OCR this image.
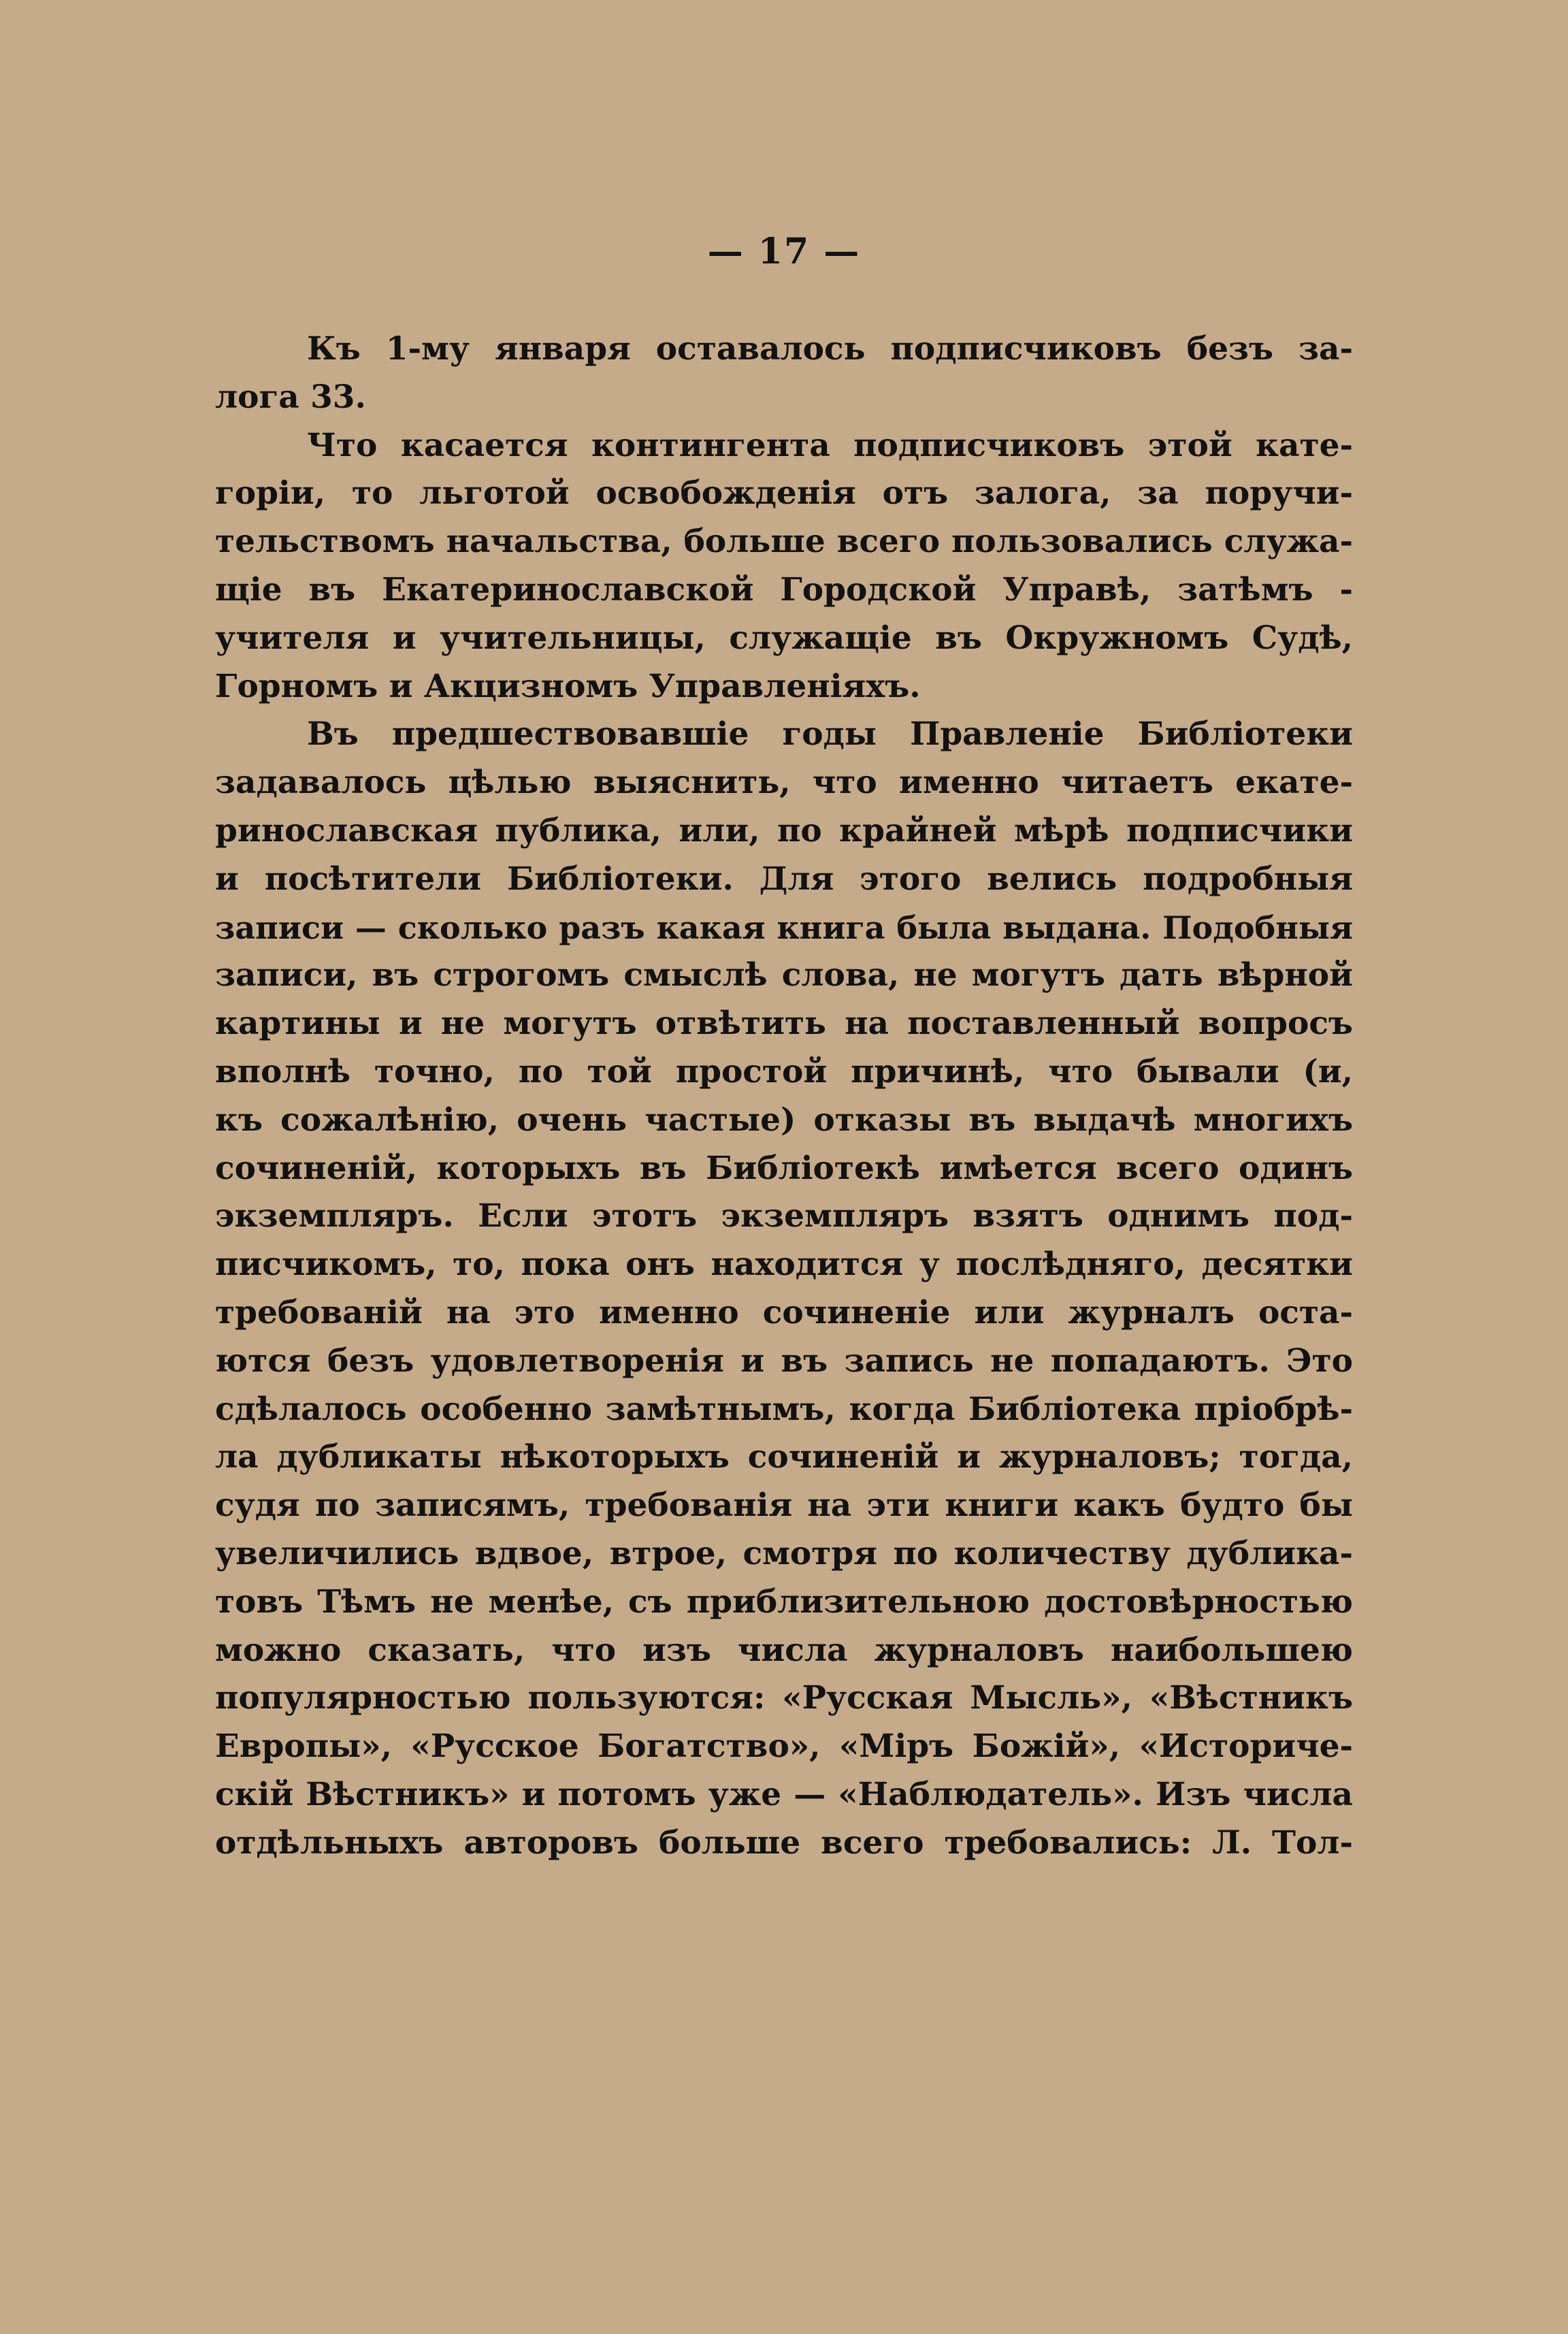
— 17 —
Къ 1-му января оставалось подписчиковъ безъ за-
лога 33.
Что касается контингента подписчиковъ этой кате-
горіи, то льготой освобожденія отъ залога, за поручи-
тельствомъ начальства, больше всего пользовались служа-
щіе въ Екатеринославской Городской Управѣ, затѣмъ -
учителя и учительницы, служащіе въ Окружномъ Судѣ,
Горномъ и Акцизномъ Управленіяхъ.
Въ предшествовавшіе годы Правленіе Библіотеки
задавалось цѣлью выяснить, что именно читаетъ екате-
ринославская публика, или, по крайней мѣрѣ подписчики
и посѣтители Библіотеки. Для этого велись подробныя
записи — сколько разъ какая книга была выдана. Подобныя
записи, въ строгомъ смыслѣ слова, не могутъ дать вѣрной
картины и не могутъ отвѣтить на поставленный вопросъ
вполнѣ точно, по той простой причинѣ, что бывали (и,
къ сожалѣнію, очень частые) отказы въ выдачѣ многихъ
сочиненій, которыхъ въ Библіотекѣ имѣется всего одинъ
экземпляръ. Если этотъ экземпляръ взятъ однимъ под-
писчикомъ, то, пока онъ находится у послѣдняго, десятки
требованій на это именно сочиненіе или журналъ оста-
ются безъ удовлетворенія и въ запись не попадаютъ. Это
сдѣлалось особенно замѣтнымъ, когда Библіотека пріобрѣ-
ла дубликаты нѣкоторыхъ сочиненій и журналовъ; тогда,
судя по записямъ, требованія на эти книги какъ будто бы
увеличились вдвое, втрое, смотря по количеству дублика-
товъ Тѣмъ не менѣе, съ приблизительною достовѣрностью
можно сказать, что изъ числа журналовъ наибольшею
популярностью пользуются: «Русская Мысль», «Вѣстникъ
Европы», «Русское Богатство», «Міръ Божій», «Историче-
скій Вѣстникъ» и потомъ уже — «Наблюдатель». Изъ числа
отдѣльныхъ авторовъ больше всего требовались: Л. Тол-
